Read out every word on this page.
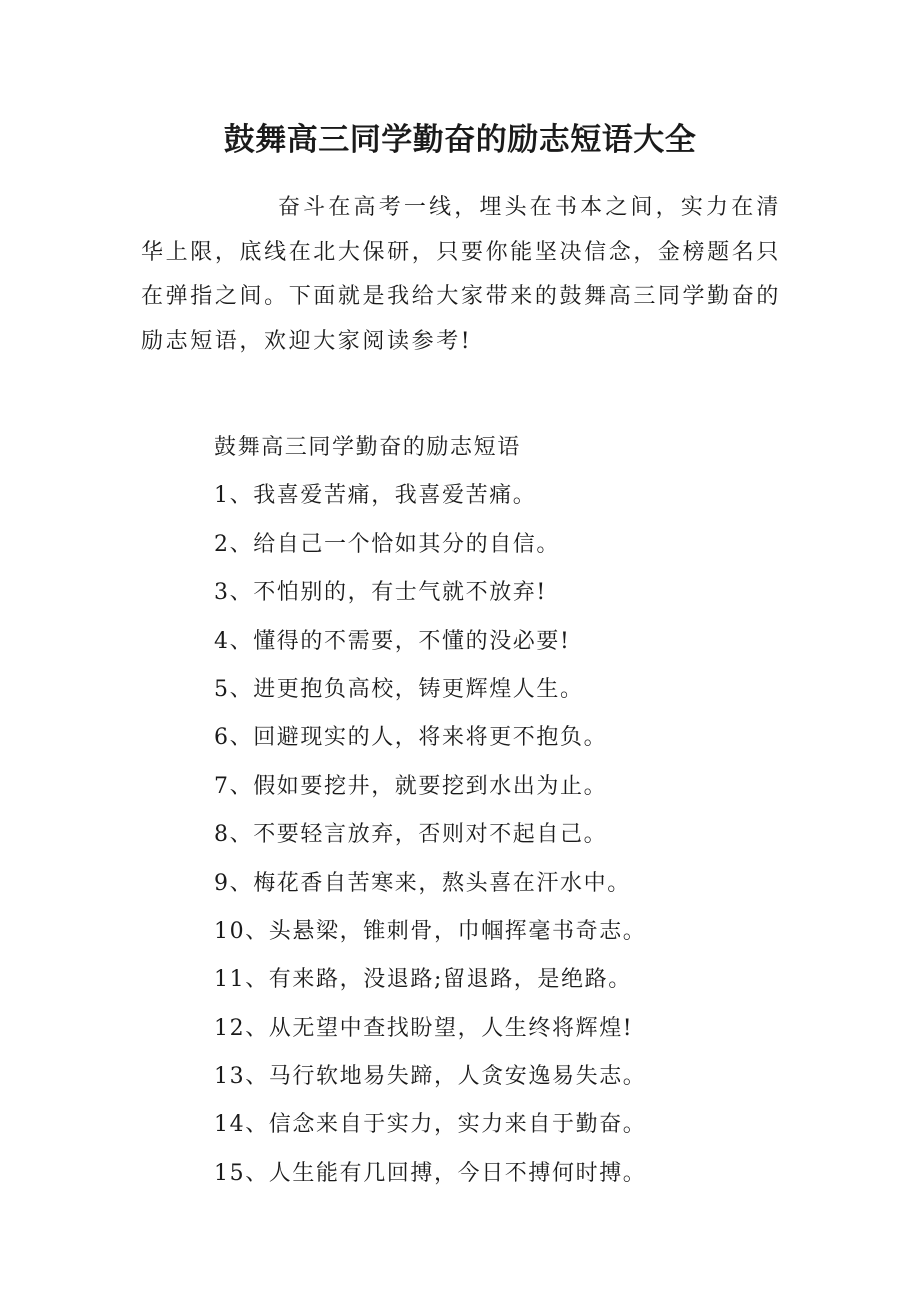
鼓舞高三同学勤奋的励志短语大全

奋斗在高考一线，埋头在书本之间，实力在清华上限，底线在北大保研，只要你能坚决信念，金榜题名只在弹指之间。下面就是我给大家带来的鼓舞高三同学勤奋的励志短语，欢迎大家阅读参考!

鼓舞高三同学勤奋的励志短语
1、我喜爱苦痛，我喜爱苦痛。
2、给自己一个恰如其分的自信。
3、不怕别的，有士气就不放弃!
4、懂得的不需要，不懂的没必要!
5、进更抱负高校，铸更辉煌人生。
6、回避现实的人，将来将更不抱负。
7、假如要挖井，就要挖到水出为止。
8、不要轻言放弃，否则对不起自己。
9、梅花香自苦寒来，熬头喜在汗水中。
10、头悬梁，锥刺骨，巾帼挥毫书奇志。
11、有来路，没退路;留退路，是绝路。
12、从无望中查找盼望，人生终将辉煌!
13、马行软地易失蹄，人贪安逸易失志。
14、信念来自于实力，实力来自于勤奋。
15、人生能有几回搏，今日不搏何时搏。
